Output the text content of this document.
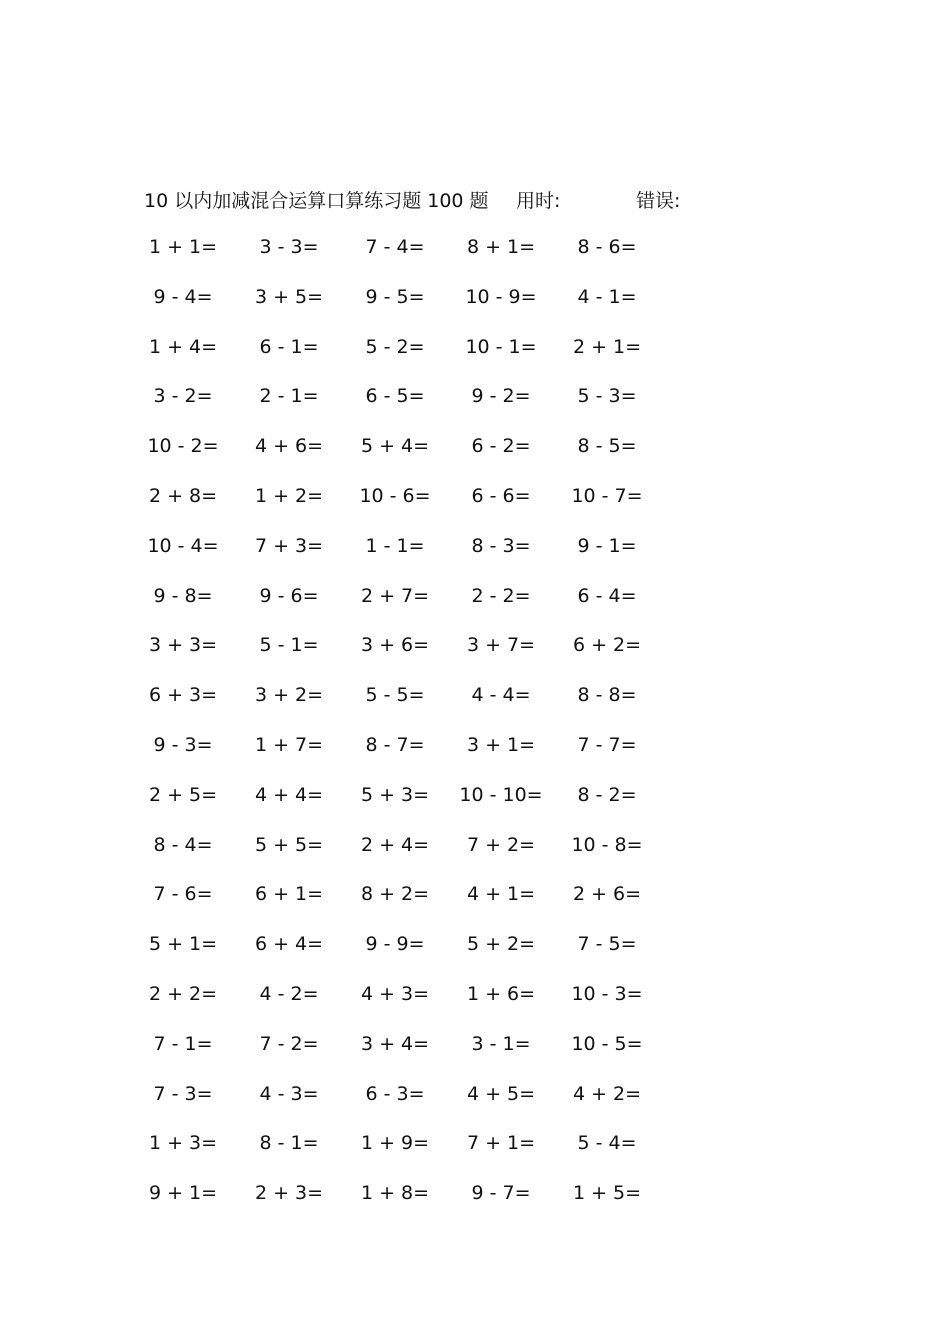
10 以内加减混合运算口算练习题 100 题 用时:	错误:
1 + 1=	3 - 3=	7 - 4=	8 + 1=	8 - 6=
9 - 4=	3 + 5=	9 - 5=	10 - 9=	4 - 1=
1 + 4=	6 - 1=	5 - 2=	10 - 1=	2 + 1=
3 - 2=	2 - 1=	6 - 5=	9 - 2=	5 - 3=
10 - 2=	4 + 6=	5 + 4=	6 - 2=	8 - 5=
2 + 8=	1 + 2=	10 - 6=	6 - 6=	10 - 7=
10 - 4=	7 + 3=	1 - 1=	8 - 3=	9 - 1=
9 - 8=	9 - 6=	2 + 7=	2 - 2=	6 - 4=
3 + 3=	5 - 1=	3 + 6=	3 + 7=	6 + 2=
6 + 3=	3 + 2=	5 - 5=	4 - 4=	8 - 8=
9 - 3=	1 + 7=	8 - 7=	3 + 1=	7 - 7=
2 + 5=	4 + 4=	5 + 3=	10 - 10=	8 - 2=
8 - 4=	5 + 5=	2 + 4=	7 + 2=	10 - 8=
7 - 6=	6 + 1=	8 + 2=	4 + 1=	2 + 6=
5 + 1=	6 + 4=	9 - 9=	5 + 2=	7 - 5=
2 + 2=	4 - 2=	4 + 3=	1 + 6=	10 - 3=
7 - 1=	7 - 2=	3 + 4=	3 - 1=	10 - 5=
7 - 3=	4 - 3=	6 - 3=	4 + 5=	4 + 2=
1 + 3=	8 - 1=	1 + 9=	7 + 1=	5 - 4=
9 + 1=	2 + 3=	1 + 8=	9 - 7=	1 + 5=
